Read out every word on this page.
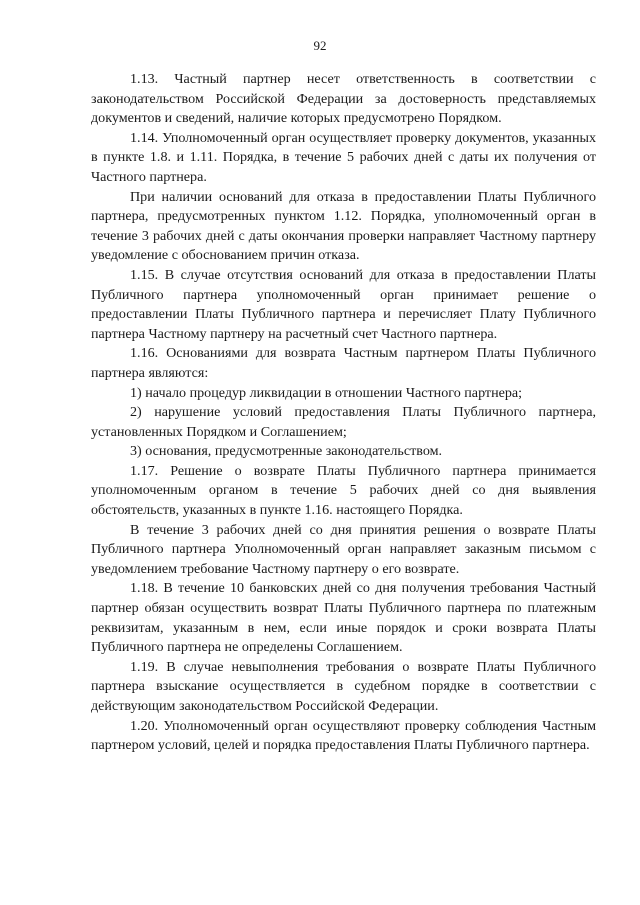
92

1.13. Частный партнер несет ответственность в соответствии с законодательством Российской Федерации за достоверность представляемых документов и сведений, наличие которых предусмотрено Порядком.

1.14. Уполномоченный орган осуществляет проверку документов, указанных в пункте 1.8. и 1.11. Порядка, в течение 5 рабочих дней с даты их получения от Частного партнера.

При наличии оснований для отказа в предоставлении Платы Публичного партнера, предусмотренных пунктом 1.12. Порядка, уполномоченный орган в течение 3 рабочих дней с даты окончания проверки направляет Частному партнеру уведомление с обоснованием причин отказа.

1.15. В случае отсутствия оснований для отказа в предоставлении Платы Публичного партнера уполномоченный орган принимает решение о предоставлении Платы Публичного партнера и перечисляет Плату Публичного партнера Частному партнеру на расчетный счет Частного партнера.

1.16. Основаниями для возврата Частным партнером Платы Публичного партнера являются:

1) начало процедур ликвидации в отношении Частного партнера;

2) нарушение условий предоставления Платы Публичного партнера, установленных Порядком и Соглашением;

3) основания, предусмотренные законодательством.

1.17. Решение о возврате Платы Публичного партнера принимается уполномоченным органом в течение 5 рабочих дней со дня выявления обстоятельств, указанных в пункте 1.16. настоящего Порядка.

В течение 3 рабочих дней со дня принятия решения о возврате Платы Публичного партнера Уполномоченный орган направляет заказным письмом с уведомлением требование Частному партнеру о его возврате.

1.18. В течение 10 банковских дней со дня получения требования Частный партнер обязан осуществить возврат Платы Публичного партнера по платежным реквизитам, указанным в нем, если иные порядок и сроки возврата Платы Публичного партнера не определены Соглашением.

1.19. В случае невыполнения требования о возврате Платы Публичного партнера взыскание осуществляется в судебном порядке в соответствии с действующим законодательством Российской Федерации.

1.20. Уполномоченный орган осуществляют проверку соблюдения Частным партнером условий, целей и порядка предоставления Платы Публичного партнера.
